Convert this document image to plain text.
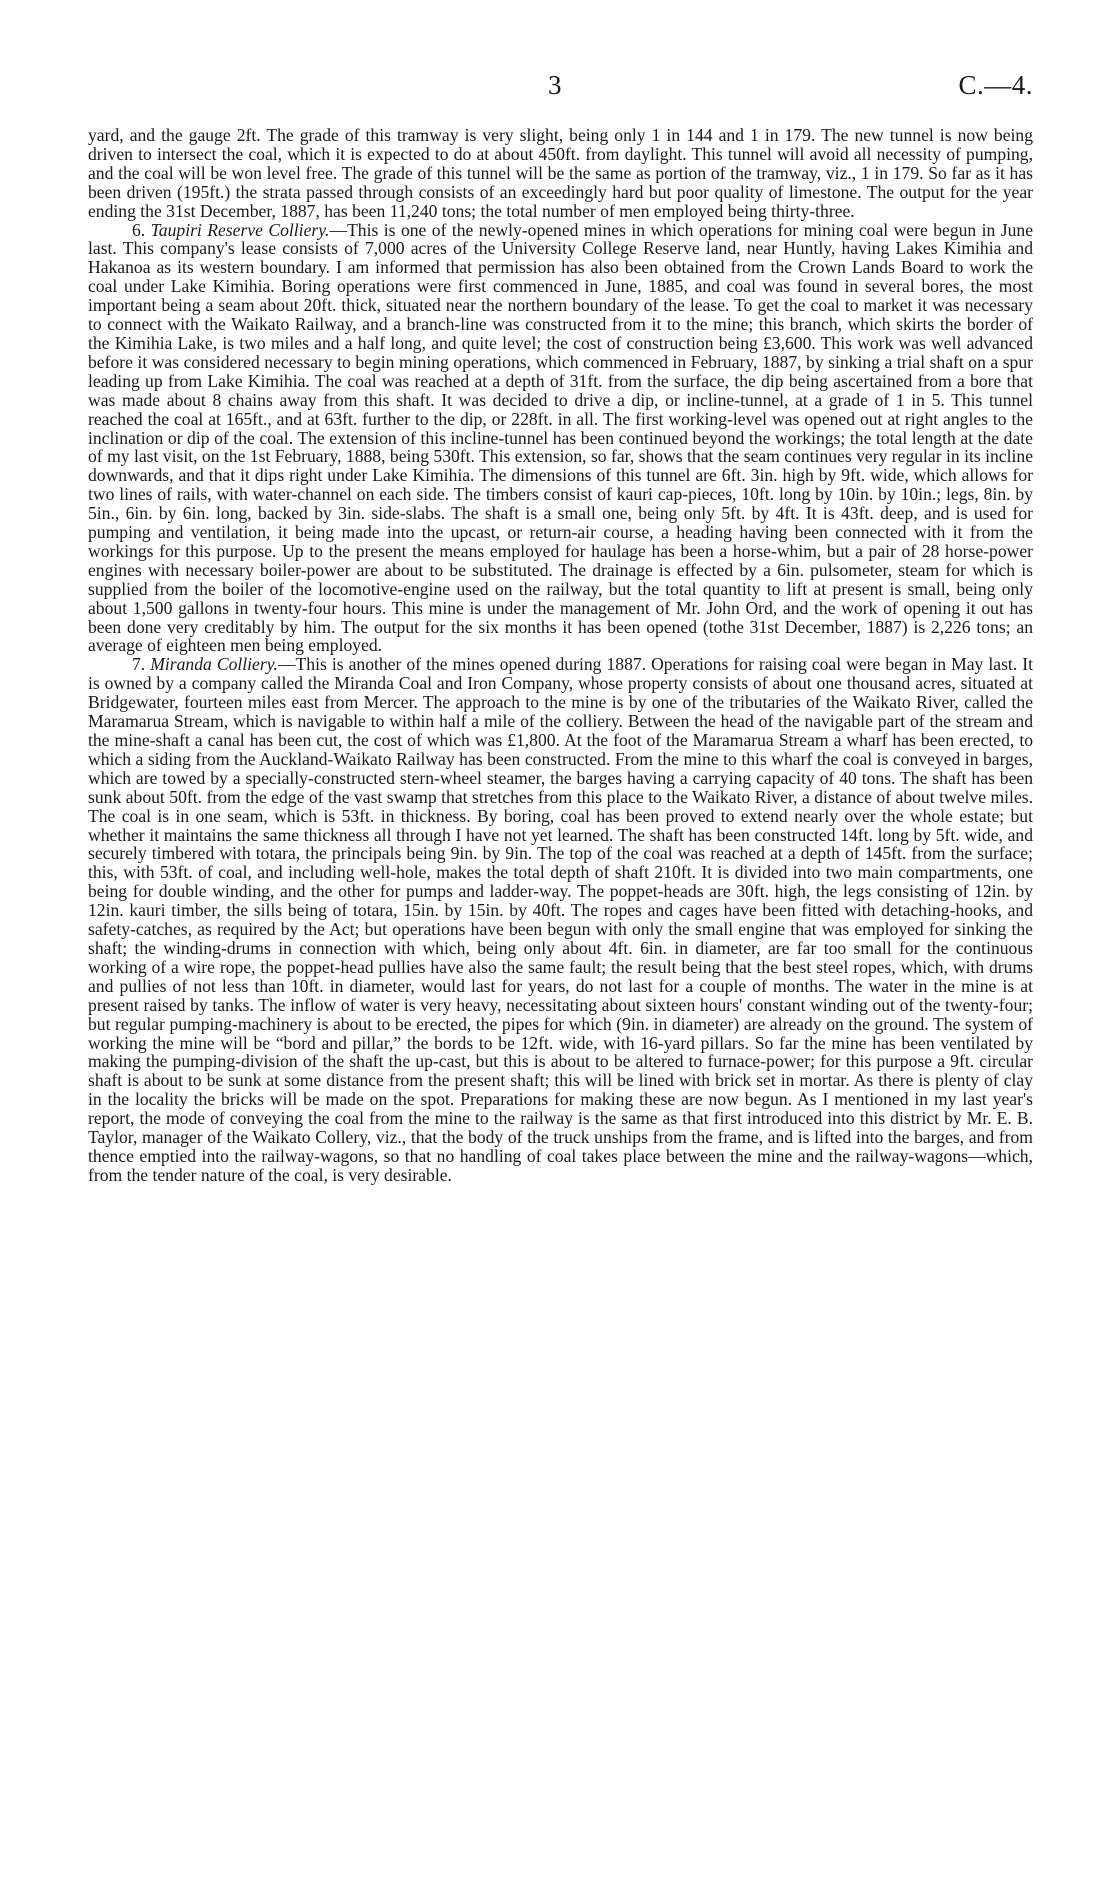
3	C.—4.

yard, and the gauge 2ft. The grade of this tramway is very slight, being only 1 in 144 and 1 in 179. The new tunnel is now being driven to intersect the coal, which it is expected to do at about 450ft. from daylight. This tunnel will avoid all necessity of pumping, and the coal will be won level free. The grade of this tunnel will be the same as portion of the tramway, viz., 1 in 179. So far as it has been driven (195ft.) the strata passed through consists of an exceedingly hard but poor quality of limestone. The output for the year ending the 31st December, 1887, has been 11,240 tons; the total number of men employed being thirty-three.

6. Taupiri Reserve Colliery.—This is one of the newly-opened mines in which operations for mining coal were begun in June last. This company's lease consists of 7,000 acres of the University College Reserve land, near Huntly, having Lakes Kimihia and Hakanoa as its western boundary. I am informed that permission has also been obtained from the Crown Lands Board to work the coal under Lake Kimihia. Boring operations were first commenced in June, 1885, and coal was found in several bores, the most important being a seam about 20ft. thick, situated near the northern boundary of the lease. To get the coal to market it was necessary to connect with the Waikato Railway, and a branch-line was constructed from it to the mine; this branch, which skirts the border of the Kimihia Lake, is two miles and a half long, and quite level; the cost of construction being £3,600. This work was well advanced before it was considered necessary to begin mining operations, which commenced in February, 1887, by sinking a trial shaft on a spur leading up from Lake Kimihia. The coal was reached at a depth of 31ft. from the surface, the dip being ascertained from a bore that was made about 8 chains away from this shaft. It was decided to drive a dip, or incline-tunnel, at a grade of 1 in 5. This tunnel reached the coal at 165ft., and at 63ft. further to the dip, or 228ft. in all. The first working-level was opened out at right angles to the inclination or dip of the coal. The extension of this incline-tunnel has been continued beyond the workings; the total length at the date of my last visit, on the 1st February, 1888, being 530ft. This extension, so far, shows that the seam continues very regular in its incline downwards, and that it dips right under Lake Kimihia. The dimensions of this tunnel are 6ft. 3in. high by 9ft. wide, which allows for two lines of rails, with water-channel on each side. The timbers consist of kauri cap-pieces, 10ft. long by 10in. by 10in.; legs, 8in. by 5in., 6in. by 6in. long, backed by 3in. side-slabs. The shaft is a small one, being only 5ft. by 4ft. It is 43ft. deep, and is used for pumping and ventilation, it being made into the upcast, or return-air course, a heading having been connected with it from the workings for this purpose. Up to the present the means employed for haulage has been a horse-whim, but a pair of 28 horse-power engines with necessary boiler-power are about to be substituted. The drainage is effected by a 6in. pulsometer, steam for which is supplied from the boiler of the locomotive-engine used on the railway, but the total quantity to lift at present is small, being only about 1,500 gallons in twenty-four hours. This mine is under the management of Mr. John Ord, and the work of opening it out has been done very creditably by him. The output for the six months it has been opened (tothe 31st December, 1887) is 2,226 tons; an average of eighteen men being employed.

7. Miranda Colliery.—This is another of the mines opened during 1887. Operations for raising coal were began in May last. It is owned by a company called the Miranda Coal and Iron Company, whose property consists of about one thousand acres, situated at Bridgewater, fourteen miles east from Mercer. The approach to the mine is by one of the tributaries of the Waikato River, called the Maramarua Stream, which is navigable to within half a mile of the colliery. Between the head of the navigable part of the stream and the mine-shaft a canal has been cut, the cost of which was £1,800. At the foot of the Maramarua Stream a wharf has been erected, to which a siding from the Auckland-Waikato Railway has been constructed. From the mine to this wharf the coal is conveyed in barges, which are towed by a specially-constructed stern-wheel steamer, the barges having a carrying capacity of 40 tons. The shaft has been sunk about 50ft. from the edge of the vast swamp that stretches from this place to the Waikato River, a distance of about twelve miles. The coal is in one seam, which is 53ft. in thickness. By boring, coal has been proved to extend nearly over the whole estate; but whether it maintains the same thickness all through I have not yet learned. The shaft has been constructed 14ft. long by 5ft. wide, and securely timbered with totara, the principals being 9in. by 9in. The top of the coal was reached at a depth of 145ft. from the surface; this, with 53ft. of coal, and including well-hole, makes the total depth of shaft 210ft. It is divided into two main compartments, one being for double winding, and the other for pumps and ladder-way. The poppet-heads are 30ft. high, the legs consisting of 12in. by 12in. kauri timber, the sills being of totara, 15in. by 15in. by 40ft. The ropes and cages have been fitted with detaching-hooks, and safety-catches, as required by the Act; but operations have been begun with only the small engine that was employed for sinking the shaft; the winding-drums in connection with which, being only about 4ft. 6in. in diameter, are far too small for the continuous working of a wire rope, the poppet-head pullies have also the same fault; the result being that the best steel ropes, which, with drums and pullies of not less than 10ft. in diameter, would last for years, do not last for a couple of months. The water in the mine is at present raised by tanks. The inflow of water is very heavy, necessitating about sixteen hours' constant winding out of the twenty-four; but regular pumping-machinery is about to be erected, the pipes for which (9in. in diameter) are already on the ground. The system of working the mine will be “bord and pillar,” the bords to be 12ft. wide, with 16-yard pillars. So far the mine has been ventilated by making the pumping-division of the shaft the up-cast, but this is about to be altered to furnace-power; for this purpose a 9ft. circular shaft is about to be sunk at some distance from the present shaft; this will be lined with brick set in mortar. As there is plenty of clay in the locality the bricks will be made on the spot. Preparations for making these are now begun. As I mentioned in my last year's report, the mode of conveying the coal from the mine to the railway is the same as that first introduced into this district by Mr. E. B. Taylor, manager of the Waikato Collery, viz., that the body of the truck unships from the frame, and is lifted into the barges, and from thence emptied into the railway-wagons, so that no handling of coal takes place between the mine and the railway-wagons—which, from the tender nature of the coal, is very desirable.
